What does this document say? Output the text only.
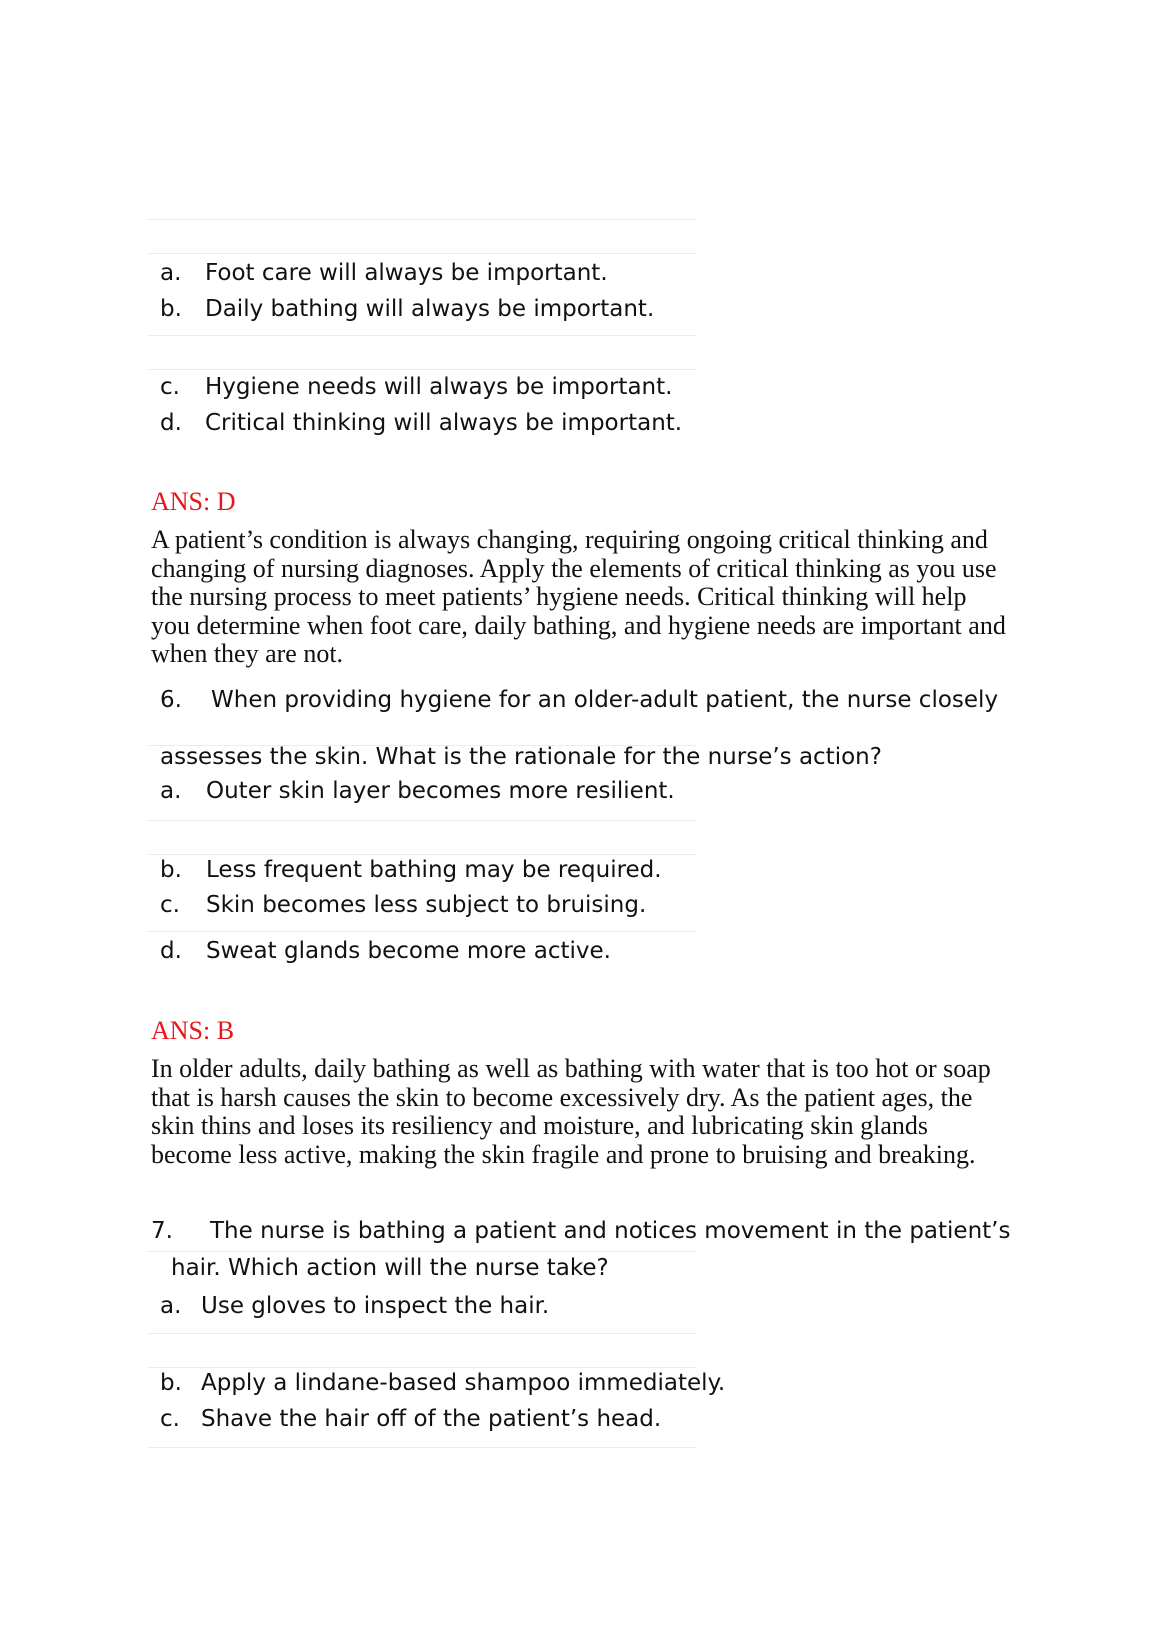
a. Foot care will always be important.
b. Daily bathing will always be important.
c. Hygiene needs will always be important.
d. Critical thinking will always be important.
ANS: D
A patient’s condition is always changing, requiring ongoing critical thinking and changing of nursing diagnoses. Apply the elements of critical thinking as you use the nursing process to meet patients’ hygiene needs. Critical thinking will help you determine when foot care, daily bathing, and hygiene needs are important and when they are not.
6. When providing hygiene for an older-adult patient, the nurse closely
assesses the skin. What is the rationale for the nurse’s action?
a. Outer skin layer becomes more resilient.
b. Less frequent bathing may be required.
c. Skin becomes less subject to bruising.
d. Sweat glands become more active.
ANS: B
In older adults, daily bathing as well as bathing with water that is too hot or soap that is harsh causes the skin to become excessively dry. As the patient ages, the skin thins and loses its resiliency and moisture, and lubricating skin glands become less active, making the skin fragile and prone to bruising and breaking.
7. The nurse is bathing a patient and notices movement in the patient’s
hair. Which action will the nurse take?
a. Use gloves to inspect the hair.
b. Apply a lindane-based shampoo immediately.
c. Shave the hair off of the patient’s head.
